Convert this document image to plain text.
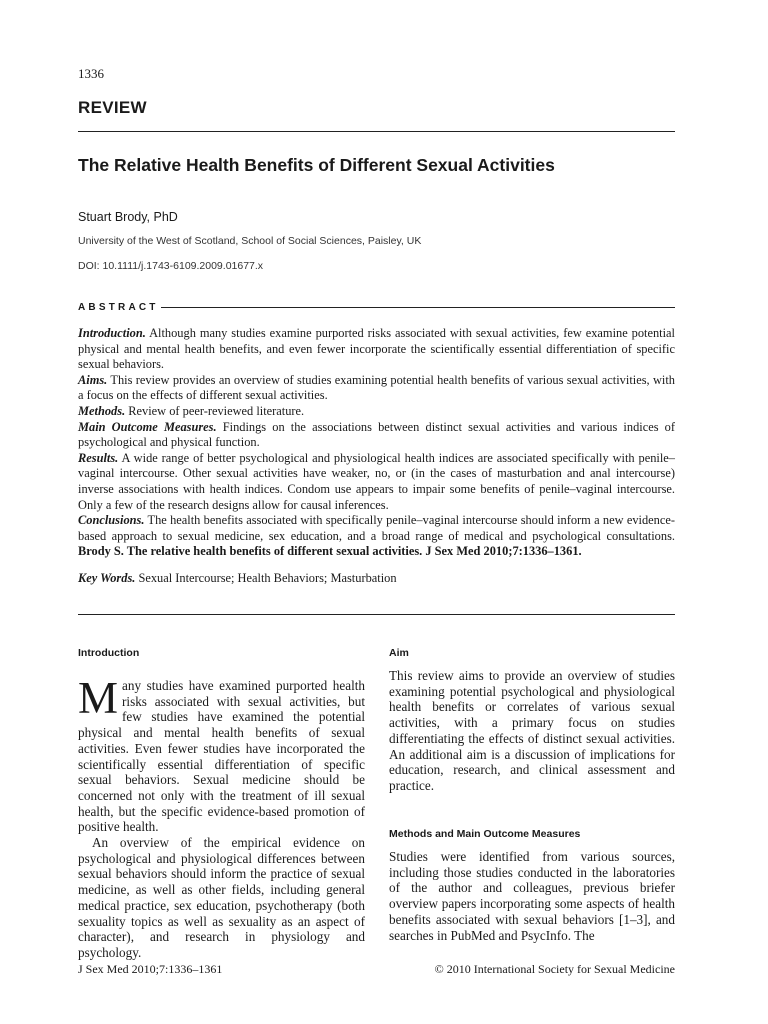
1336
REVIEW
The Relative Health Benefits of Different Sexual Activities
Stuart Brody, PhD
University of the West of Scotland, School of Social Sciences, Paisley, UK
DOI: 10.1111/j.1743-6109.2009.01677.x
ABSTRACT

Introduction. Although many studies examine purported risks associated with sexual activities, few examine potential physical and mental health benefits, and even fewer incorporate the scientifically essential differentiation of specific sexual behaviors.

Aims. This review provides an overview of studies examining potential health benefits of various sexual activities, with a focus on the effects of different sexual activities.

Methods. Review of peer-reviewed literature.

Main Outcome Measures. Findings on the associations between distinct sexual activities and various indices of psychological and physical function.

Results. A wide range of better psychological and physiological health indices are associated specifically with penile–vaginal intercourse. Other sexual activities have weaker, no, or (in the cases of masturbation and anal intercourse) inverse associations with health indices. Condom use appears to impair some benefits of penile–vaginal intercourse. Only a few of the research designs allow for causal inferences.

Conclusions. The health benefits associated with specifically penile–vaginal intercourse should inform a new evidence-based approach to sexual medicine, sex education, and a broad range of medical and psychological consultations. Brody S. The relative health benefits of different sexual activities. J Sex Med 2010;7:1336–1361.

Key Words. Sexual Intercourse; Health Behaviors; Masturbation
Introduction

Many studies have examined purported health risks associated with sexual activities, but few studies have examined the potential physical and mental health benefits of sexual activities. Even fewer studies have incorporated the scientifically essential differentiation of specific sexual behaviors. Sexual medicine should be concerned not only with the treatment of ill sexual health, but the specific evidence-based promotion of positive health.

An overview of the empirical evidence on psychological and physiological differences between sexual behaviors should inform the practice of sexual medicine, as well as other fields, including general medical practice, sex education, psychotherapy (both sexuality topics as well as sexuality as an aspect of character), and research in physiology and psychology.

Aim

This review aims to provide an overview of studies examining potential psychological and physiological health benefits or correlates of various sexual activities, with a primary focus on studies differentiating the effects of distinct sexual activities. An additional aim is a discussion of implications for education, research, and clinical assessment and practice.

Methods and Main Outcome Measures

Studies were identified from various sources, including those studies conducted in the laboratories of the author and colleagues, previous briefer overview papers incorporating some aspects of health benefits associated with sexual behaviors [1–3], and searches in PubMed and PsycInfo. The

J Sex Med 2010;7:1336–1361	© 2010 International Society for Sexual Medicine
